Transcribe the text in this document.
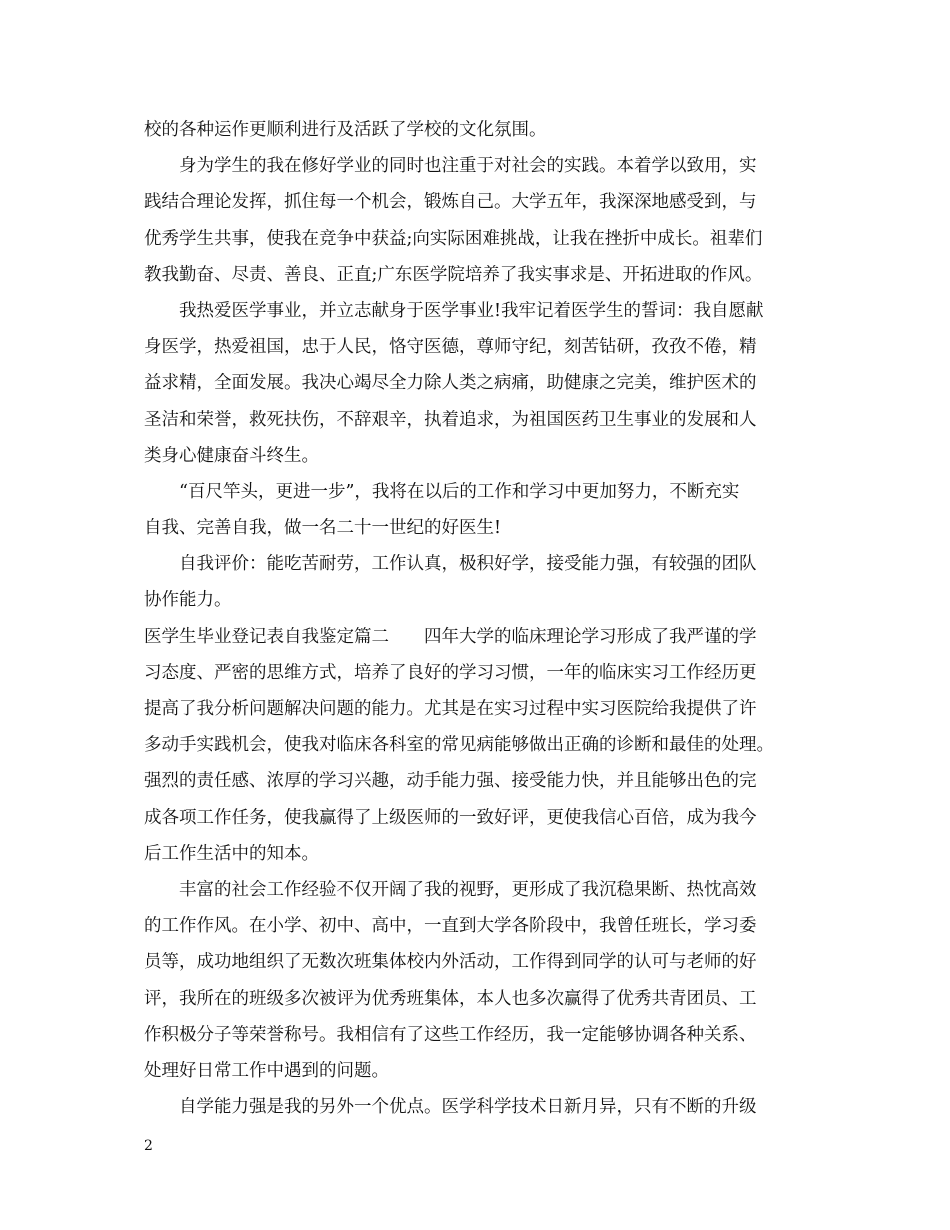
校的各种运作更顺利进行及活跃了学校的文化氛围。
身为学生的我在修好学业的同时也注重于对社会的实践。本着学以致用，实
践结合理论发挥，抓住每一个机会，锻炼自己。大学五年，我深深地感受到，与
优秀学生共事，使我在竞争中获益;向实际困难挑战，让我在挫折中成长。祖辈们
教我勤奋、尽责、善良、正直;广东医学院培养了我实事求是、开拓进取的作风。
我热爱医学事业，并立志献身于医学事业!我牢记着医学生的誓词：我自愿献
身医学，热爱祖国，忠于人民，恪守医德，尊师守纪，刻苦钻研，孜孜不倦，精
益求精，全面发展。我决心竭尽全力除人类之病痛，助健康之完美，维护医术的
圣洁和荣誉，救死扶伤，不辞艰辛，执着追求，为祖国医药卫生事业的发展和人
类身心健康奋斗终生。
“百尺竿头，更进一步”，我将在以后的工作和学习中更加努力，不断充实
自我、完善自我，做一名二十一世纪的好医生!
自我评价：能吃苦耐劳，工作认真，极积好学，接受能力强，有较强的团队
协作能力。
医学生毕业登记表自我鉴定篇二　　四年大学的临床理论学习形成了我严谨的学
习态度、严密的思维方式，培养了良好的学习习惯，一年的临床实习工作经历更
提高了我分析问题解决问题的能力。尤其是在实习过程中实习医院给我提供了许
多动手实践机会，使我对临床各科室的常见病能够做出正确的诊断和最佳的处理。
强烈的责任感、浓厚的学习兴趣，动手能力强、接受能力快，并且能够出色的完
成各项工作任务，使我赢得了上级医师的一致好评，更使我信心百倍，成为我今
后工作生活中的知本。
丰富的社会工作经验不仅开阔了我的视野，更形成了我沉稳果断、热忱高效
的工作作风。在小学、初中、高中，一直到大学各阶段中，我曾任班长，学习委
员等，成功地组织了无数次班集体校内外活动，工作得到同学的认可与老师的好
评，我所在的班级多次被评为优秀班集体，本人也多次赢得了优秀共青团员、工
作积极分子等荣誉称号。我相信有了这些工作经历，我一定能够协调各种关系、
处理好日常工作中遇到的问题。
自学能力强是我的另外一个优点。医学科学技术日新月异，只有不断的升级
2
